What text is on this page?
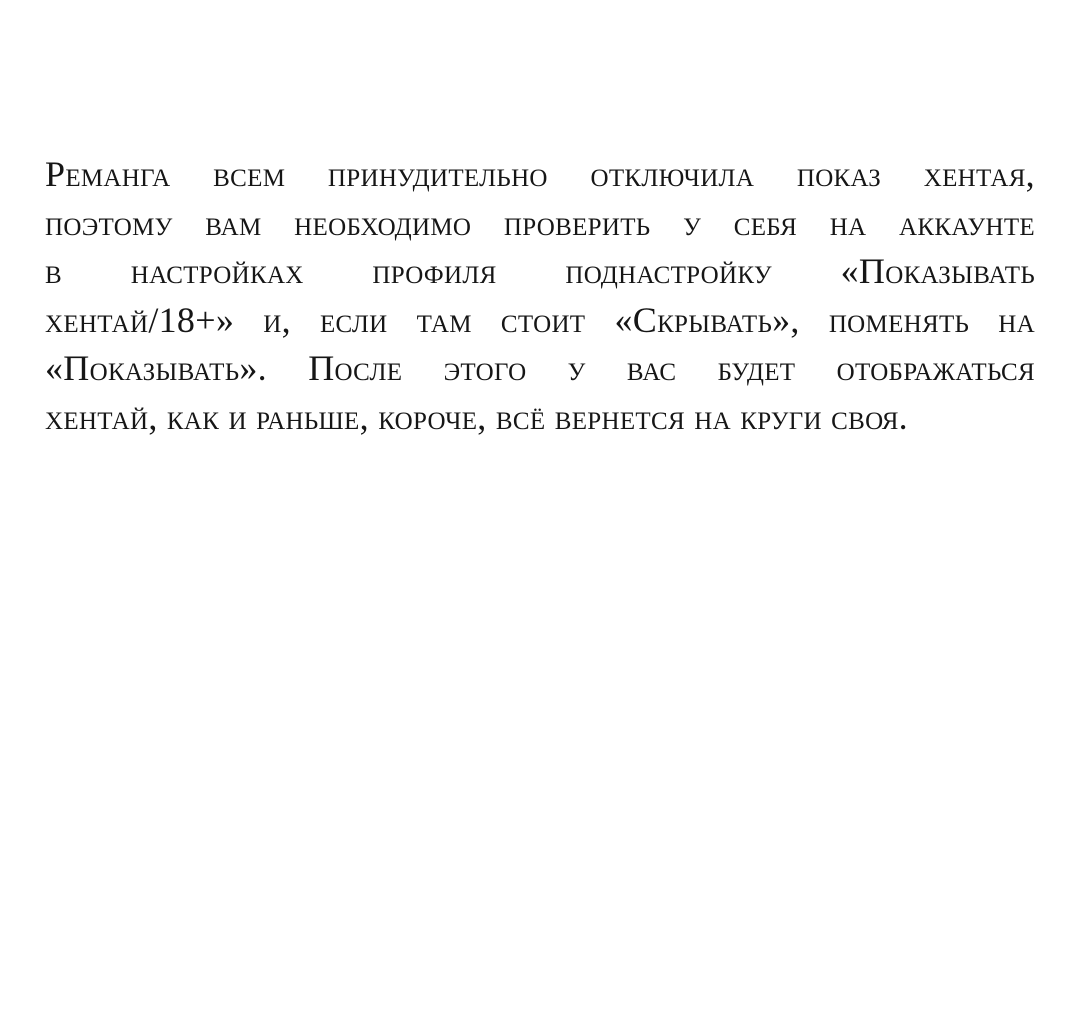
Реманга всем принудительно отключила показ хентая,
поэтому вам необходимо проверить у себя на аккаунте
в настройках профиля поднастройку «Показывать
хентай/18+» и, если там стоит «Скрывать», поменять на
«Показывать». После этого у вас будет отображаться
хентай, как и раньше, короче, всё вернется на круги своя.
